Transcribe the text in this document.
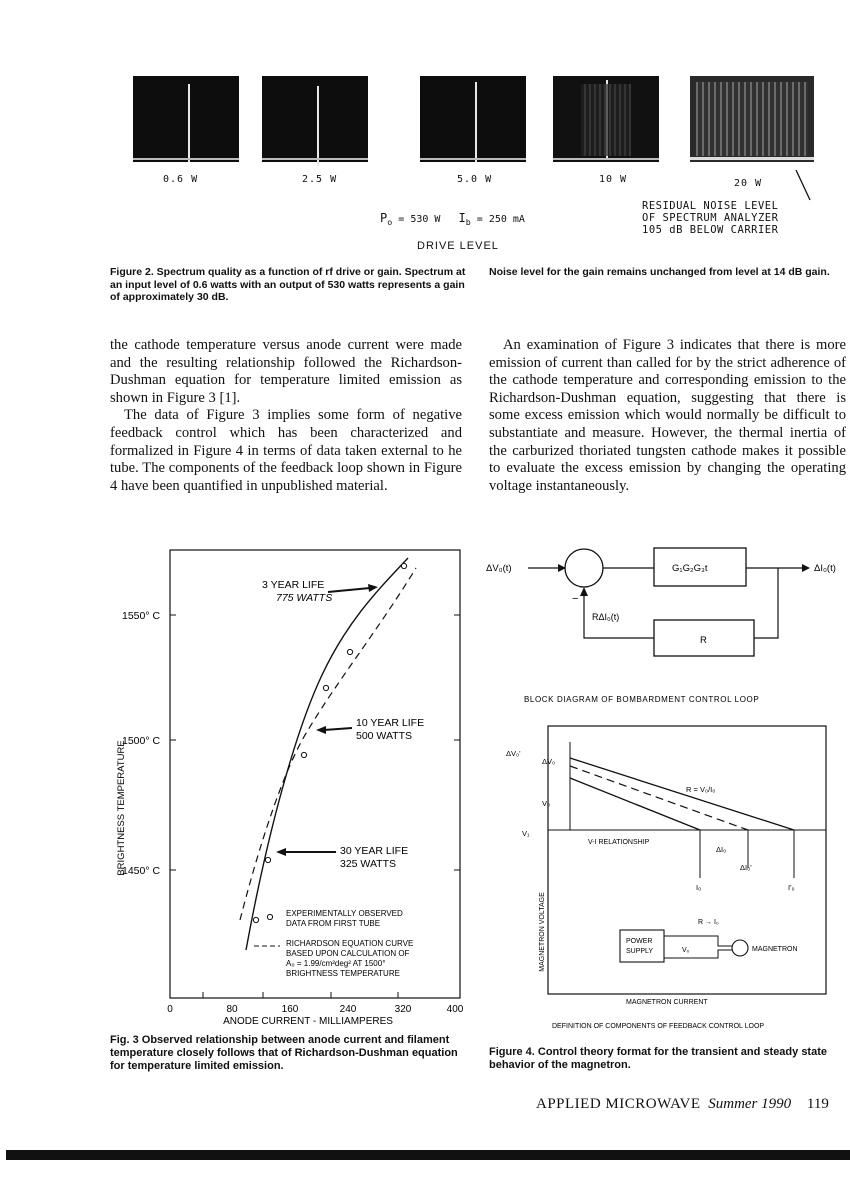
0.6 W	2.5 W	5.0 W	10 W	20 W
RESIDUAL NOISE LEVEL
OF SPECTRUM ANALYZER
105 dB BELOW CARRIER
$P_o = 530$ W $I_b = 250$ mA
DRIVE LEVEL
Figure 2. Spectrum quality as a function of rf drive or gain. Spectrum at an input level of 0.6 watts with an output of 530 watts represents a gain of approximately 30 dB.
Noise level for the gain remains unchanged from level at 14 dB gain.

the cathode temperature versus anode current were made and the resulting relationship followed the Richardson-Dushman equation for temperature limited emission as shown in Figure 3 [1].

The data of Figure 3 implies some form of negative feedback control which has been characterized and formalized in Figure 4 in terms of data taken external to he tube. The components of the feedback loop shown in Figure 4 have been quantified in unpublished material.

An examination of Figure 3 indicates that there is more emission of current than called for by the strict adherence of the cathode temperature and corresponding emission to the Richardson-Dushman equation, suggesting that there is some excess emission which would normally be difficult to substantiate and measure. However, the thermal inertia of the carburized thoriated tungsten cathode makes it possible to evaluate the excess emission by changing the operating voltage instantaneously.

1550° C
1500° C
1450° C
BRIGHTNESS TEMPERATURE
0	80	160	240	320	400
ANODE CURRENT - MILLIAMPERES
3 YEAR LIFE
775 WATTS
10 YEAR LIFE
500 WATTS
30 YEAR LIFE
325 WATTS
EXPERIMENTALLY OBSERVED
DATA FROM FIRST TUBE
RICHARDSON EQUATION CURVE
BASED UPON CALCULATION OF
A₀ = 1.99/cm²deg² AT 1500°
BRIGHTNESS TEMPERATURE
Fig. 3 Observed relationship between anode current and filament temperature closely follows that of Richardson-Dushman equation for temperature limited emission.
ΔV₀(t)	G₁G₂G₃t	ΔI₀(t)
R
−
RΔI₀(t)
BLOCK DIAGRAM OF BOMBARDMENT CONTROL LOOP
ΔV₀'
ΔV₀
V₀
V₁
R = V₀/I₀
V-I RELATIONSHIP
ΔI₀
ΔI₀'
I₀	I'₀
MAGNETRON VOLTAGE	POWER
SUPPLY	V₀	MAGNETRON
R → I₀
MAGNETRON CURRENT
DEFINITION OF COMPONENTS OF FEEDBACK CONTROL LOOP
Figure 4. Control theory format for the transient and steady state behavior of the magnetron.
APPLIED MICROWAVE Summer 1990 119
